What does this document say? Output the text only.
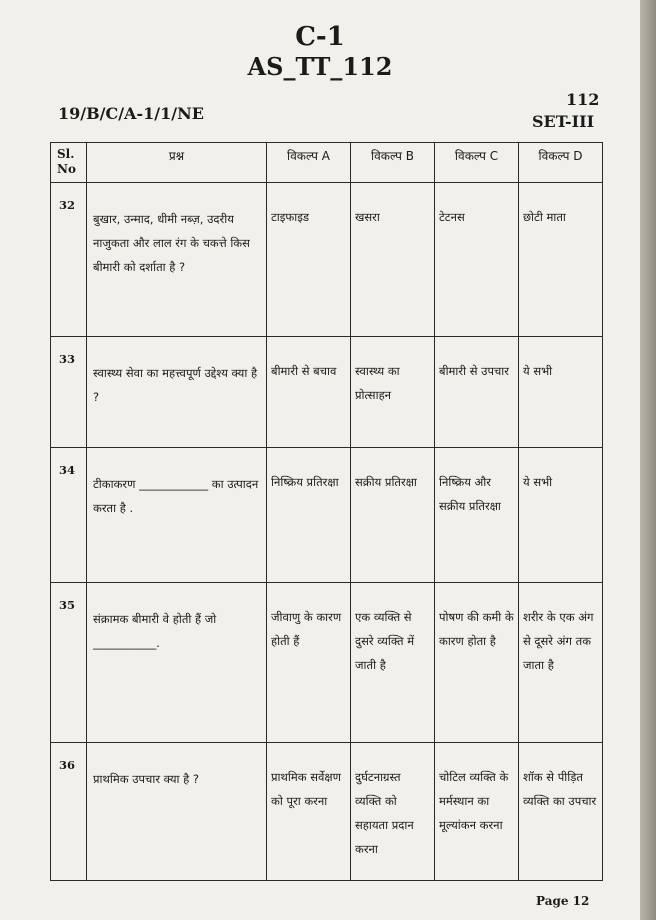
C-1
AS_TT_112
19/B/C/A-1/1/NE
112
SET-III
Sl.
No	प्रश्न	विकल्प A	विकल्प B	विकल्प C	विकल्प D
32	बुखार, उन्माद, धीमी नब्ज़, उदरीय नाजुकता और लाल रंग के चकत्ते किस बीमारी को दर्शाता है ?	टाइफाइड	खसरा	टेटनस	छोटी माता
33	स्वास्थ्य सेवा का महत्त्वपूर्ण उद्देश्य क्या है ?	बीमारी से बचाव	स्वास्थ्य का प्रोत्साहन	बीमारी से उपचार	ये सभी
34	टीकाकरण ____________ का उत्पादन करता है .	निष्क्रिय प्रतिरक्षा	सक्रीय प्रतिरक्षा	निष्क्रिय और सक्रीय प्रतिरक्षा	ये सभी
35	संक्रामक बीमारी वे होती हैं जो ___________.	जीवाणु के कारण होती हैं	एक व्यक्ति से दुसरे व्यक्ति में जाती है	पोषण की कमी के कारण होता है	शरीर के एक अंग से दूसरे अंग तक जाता है
36	प्राथमिक उपचार क्या है ?	प्राथमिक सर्वेक्षण को पूरा करना	दुर्घटनाग्रस्त व्यक्ति को सहायता प्रदान करना	चोटिल व्यक्ति के मर्मस्थान का मूल्यांकन करना	शॉक से पीड़ित व्यक्ति का उपचार
Page 12
